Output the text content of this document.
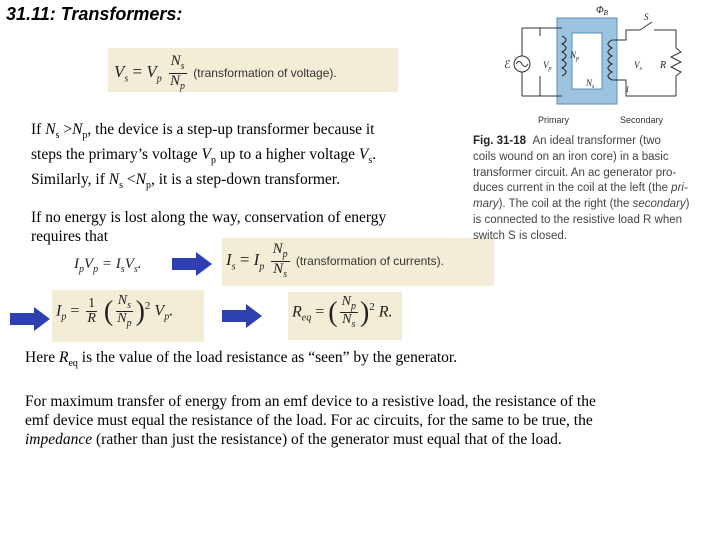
31.11: Transformers:
$V_s = V_p \frac{N_s}{N_p}$ (transformation of voltage).
If $N_s >N_p$, the device is a step-up transformer because it
steps the primary’s voltage $V_p$ up to a higher voltage $V_s$.
Similarly, if $N_s <N_p$, it is a step-down transformer.
If no energy is lost along the way, conservation of energy
requires that
$I_pV_p = I_sV_s$.	$I_s = I_p \frac{N_p}{N_s}$ (transformation of currents).
$I_p = \frac{1}{R}$ ( $\frac{N_s}{N_p} )^2$ $V_p$.	$R_{eq}$ = ( $\frac{N_p}{N_s} )^2$ R.
Here $R_{eq}$ is the value of the load resistance as “seen” by the generator.
For maximum transfer of energy from an emf device to a resistive load, the resistance of the
emf device must equal the resistance of the load. For ac circuits, for the same to be true, the
impedance (rather than just the resistance) of the generator must equal that of the load.
$\Phi_B$
ℰ	$V_p$
$N_p$
$N_s$
S
R
$V_s$
I
Primary	Secondary
Fig. 31-18 An ideal transformer (two
coils wound on an iron core) in a basic
transformer circuit. An ac generator pro-
duces current in the coil at the left (the pri-
mary). The coil at the right (the secondary)
is connected to the resistive load R when
switch S is closed.
